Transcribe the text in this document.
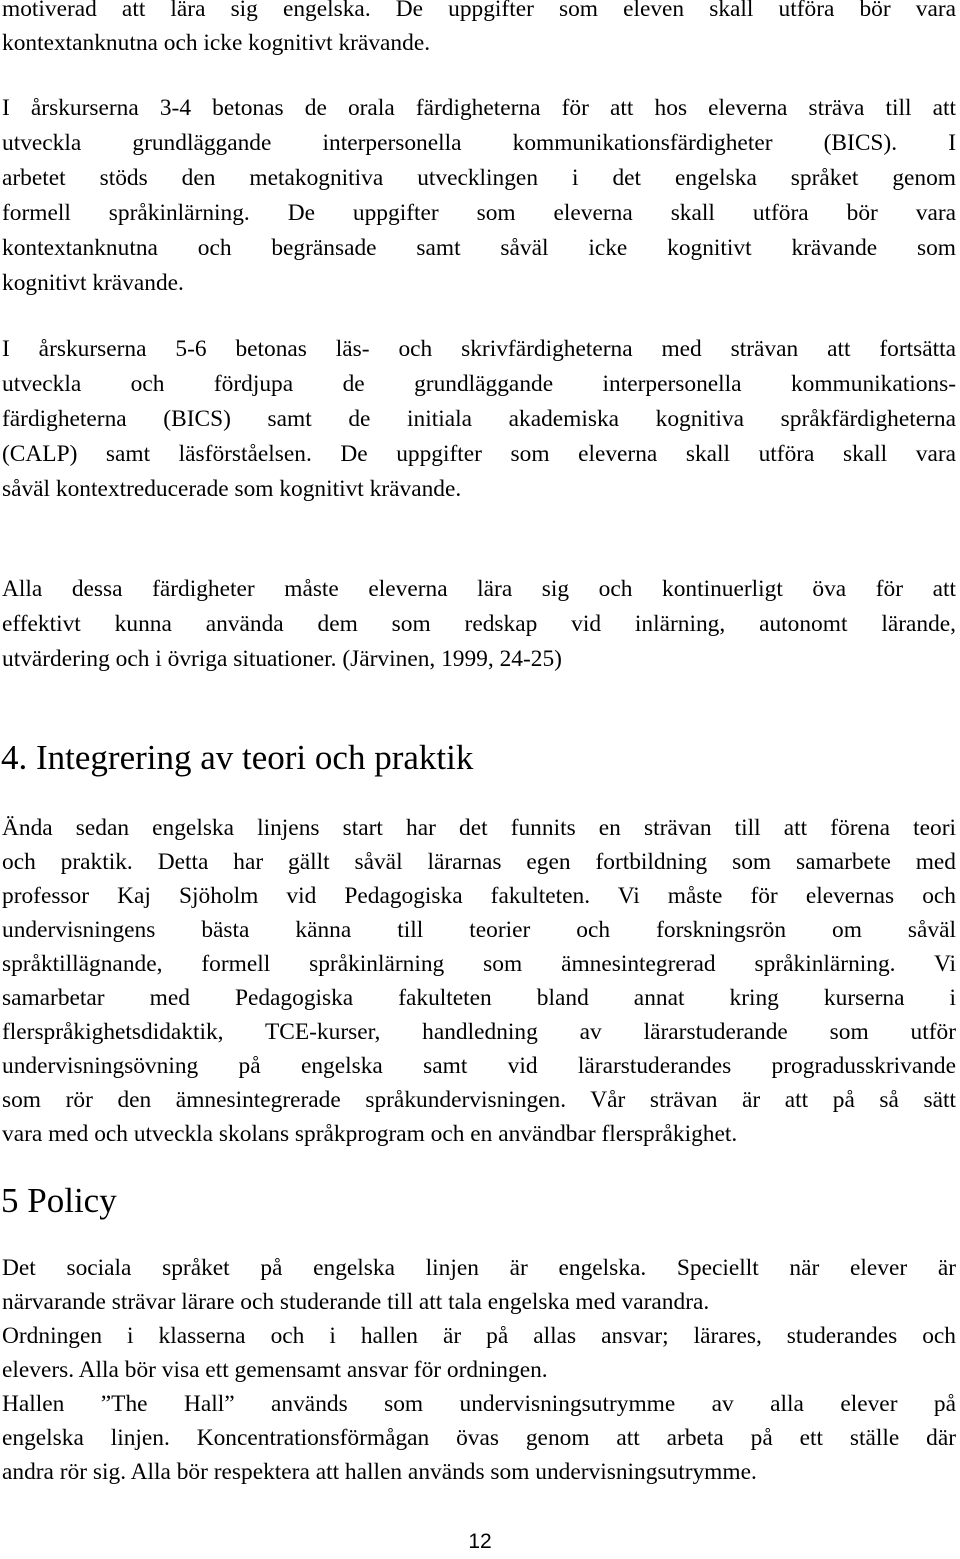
motiverad att lära sig engelska. De uppgifter som eleven skall utföra bör vara
kontextanknutna och icke kognitivt krävande.
I årskurserna 3-4 betonas de orala färdigheterna för att hos eleverna sträva till att
utveckla grundläggande interpersonella kommunikationsfärdigheter (BICS). I
arbetet stöds den metakognitiva utvecklingen i det engelska språket genom
formell språkinlärning. De uppgifter som eleverna skall utföra bör vara
kontextanknutna och begränsade samt såväl icke kognitivt krävande som
kognitivt krävande.
I årskurserna 5-6 betonas läs- och skrivfärdigheterna med strävan att fortsätta
utveckla och fördjupa de grundläggande interpersonella kommunikations-
färdigheterna (BICS) samt de initiala akademiska kognitiva språkfärdigheterna
(CALP) samt läsförståelsen. De uppgifter som eleverna skall utföra skall vara
såväl kontextreducerade som kognitivt krävande.
Alla dessa färdigheter måste eleverna lära sig och kontinuerligt öva för att
effektivt kunna använda dem som redskap vid inlärning, autonomt lärande,
utvärdering och i övriga situationer. (Järvinen, 1999, 24-25)
4. Integrering av teori och praktik
Ända sedan engelska linjens start har det funnits en strävan till att förena teori
och praktik. Detta har gällt såväl lärarnas egen fortbildning som samarbete med
professor Kaj Sjöholm vid Pedagogiska fakulteten. Vi måste för elevernas och
undervisningens bästa känna till teorier och forskningsrön om såväl
språktillägnande, formell språkinlärning som ämnesintegrerad språkinlärning. Vi
samarbetar med Pedagogiska fakulteten bland annat kring kurserna i
flerspråkighetsdidaktik, TCE-kurser, handledning av lärarstuderande som utför
undervisningsövning på engelska samt vid lärarstuderandes progradusskrivande
som rör den ämnesintegrerade språkundervisningen. Vår strävan är att på så sätt
vara med och utveckla skolans språkprogram och en användbar flerspråkighet.
5 Policy
Det sociala språket på engelska linjen är engelska. Speciellt när elever är
närvarande strävar lärare och studerande till att tala engelska med varandra.
Ordningen i klasserna och i hallen är på allas ansvar; lärares, studerandes och
elevers. Alla bör visa ett gemensamt ansvar för ordningen.
Hallen ”The Hall” används som undervisningsutrymme av alla elever på
engelska linjen. Koncentrationsförmågan övas genom att arbeta på ett ställe där
andra rör sig. Alla bör respektera att hallen används som undervisningsutrymme.
12
